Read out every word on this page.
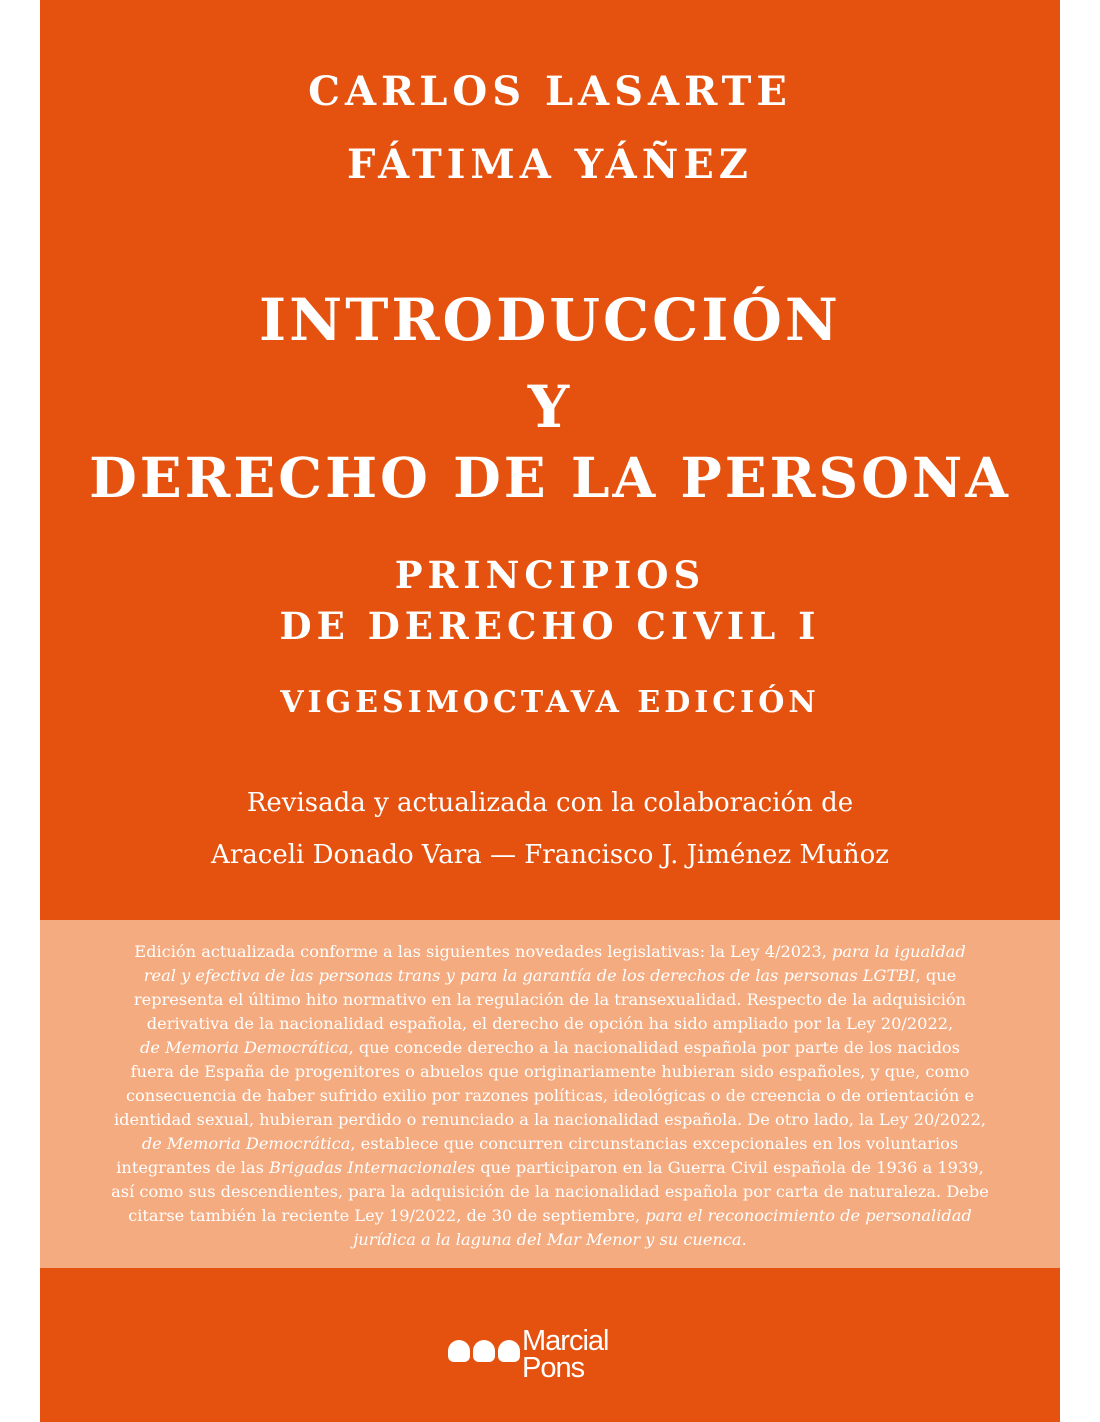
CARLOS LASARTE
FÁTIMA YÁÑEZ
INTRODUCCIÓN
Y
DERECHO DE LA PERSONA
PRINCIPIOS
DE DERECHO CIVIL I
VIGESIMOCTAVA EDICIÓN
Revisada y actualizada con la colaboración de
Araceli Donado Vara — Francisco J. Jiménez Muñoz
Edición actualizada conforme a las siguientes novedades legislativas: la Ley 4/2023, para la igualdad
real y efectiva de las personas trans y para la garantía de los derechos de las personas LGTBI, que
representa el último hito normativo en la regulación de la transexualidad. Respecto de la adquisición
derivativa de la nacionalidad española, el derecho de opción ha sido ampliado por la Ley 20/2022,
de Memoria Democrática, que concede derecho a la nacionalidad española por parte de los nacidos
fuera de España de progenitores o abuelos que originariamente hubieran sido españoles, y que, como
consecuencia de haber sufrido exilio por razones políticas, ideológicas o de creencia o de orientación e
identidad sexual, hubieran perdido o renunciado a la nacionalidad española. De otro lado, la Ley 20/2022,
de Memoria Democrática, establece que concurren circunstancias excepcionales en los voluntarios
integrantes de las Brigadas Internacionales que participaron en la Guerra Civil española de 1936 a 1939,
así como sus descendientes, para la adquisición de la nacionalidad española por carta de naturaleza. Debe
citarse también la reciente Ley 19/2022, de 30 de septiembre, para el reconocimiento de personalidad
jurídica a la laguna del Mar Menor y su cuenca.
Marcial
Pons
